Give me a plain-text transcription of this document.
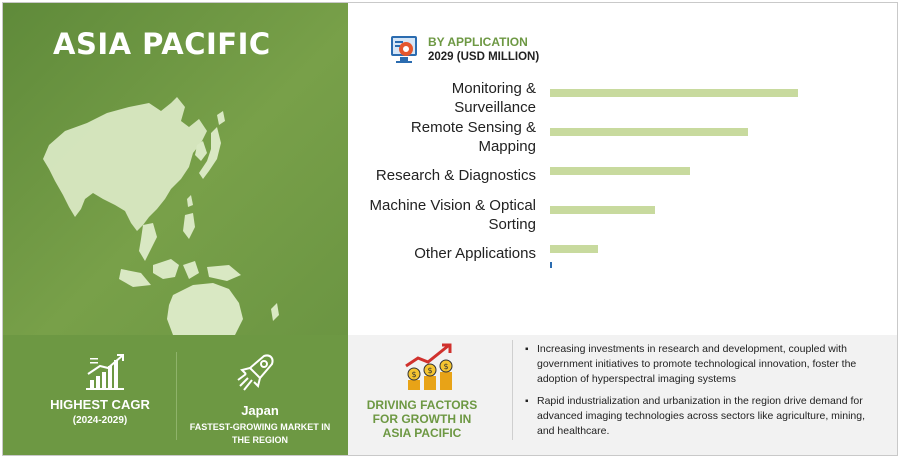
ASIA PACIFIC
HIGHEST CAGR
(2024-2029)
Japan
FASTEST-GROWING MARKET IN THE REGION
$ $ $
DRIVING FACTORS FOR GROWTH IN ASIA PACIFIC
▪ Increasing investments in research and development, coupled with government initiatives to promote technological innovation, foster the adoption of hyperspectral imaging systems
▪ Rapid industrialization and urbanization in the region drive demand for advanced imaging technologies across sectors like agriculture, mining, and healthcare.
BY APPLICATION
2029 (USD MILLION)
Monitoring &
Surveillance
Remote Sensing &
Mapping
Research & Diagnostics
Machine Vision & Optical
Sorting
Other Applications
